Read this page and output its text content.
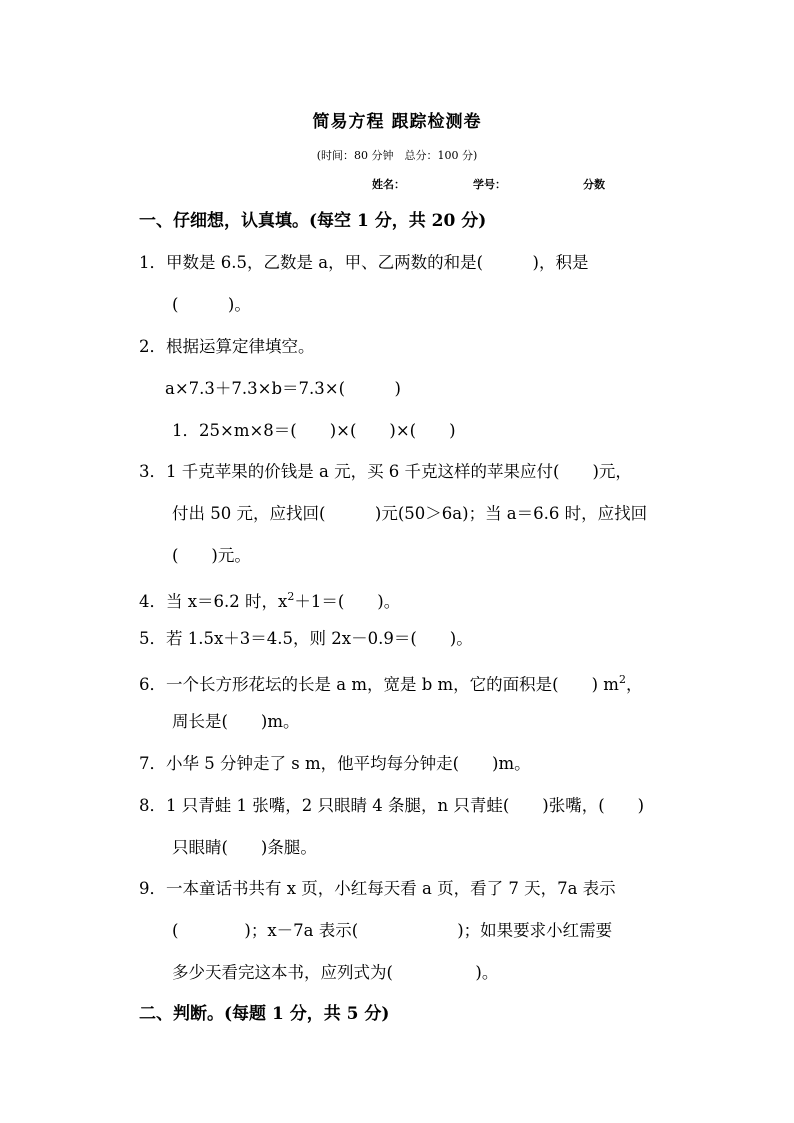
简易方程 跟踪检测卷
(时间：80 分钟　总分：100 分)
姓名：	学号：	分数
一、仔细想，认真填。(每空 1 分，共 20 分)
1．甲数是 6.5，乙数是 a，甲、乙两数的和是(　　　)，积是
(　　　)。
2．根据运算定律填空。
a×7.3＋7.3×b＝7.3×(　　　)
1．25×m×8＝(　　)×(　　)×(　　)
3．1 千克苹果的价钱是 a 元，买 6 千克这样的苹果应付(　　)元，
付出 50 元，应找回(　　　)元(50＞6a)；当 a＝6.6 时，应找回
(　　)元。
4．当 x＝6.2 时，x2＋1＝(　　)。
5．若 1.5x＋3＝4.5，则 2x－0.9＝(　　)。
6．一个长方形花坛的长是 a m，宽是 b m，它的面积是(　　) m2，
周长是(　　)m。
7．小华 5 分钟走了 s m，他平均每分钟走(　　)m。
8．1 只青蛙 1 张嘴，2 只眼睛 4 条腿，n 只青蛙(　　)张嘴，(　　)
只眼睛(　　)条腿。
9．一本童话书共有 x 页，小红每天看 a 页，看了 7 天，7a 表示
(　　　　)；x－7a 表示(　　　　　　)；如果要求小红需要
多少天看完这本书，应列式为(　　　　　)。
二、判断。(每题 1 分，共 5 分)
